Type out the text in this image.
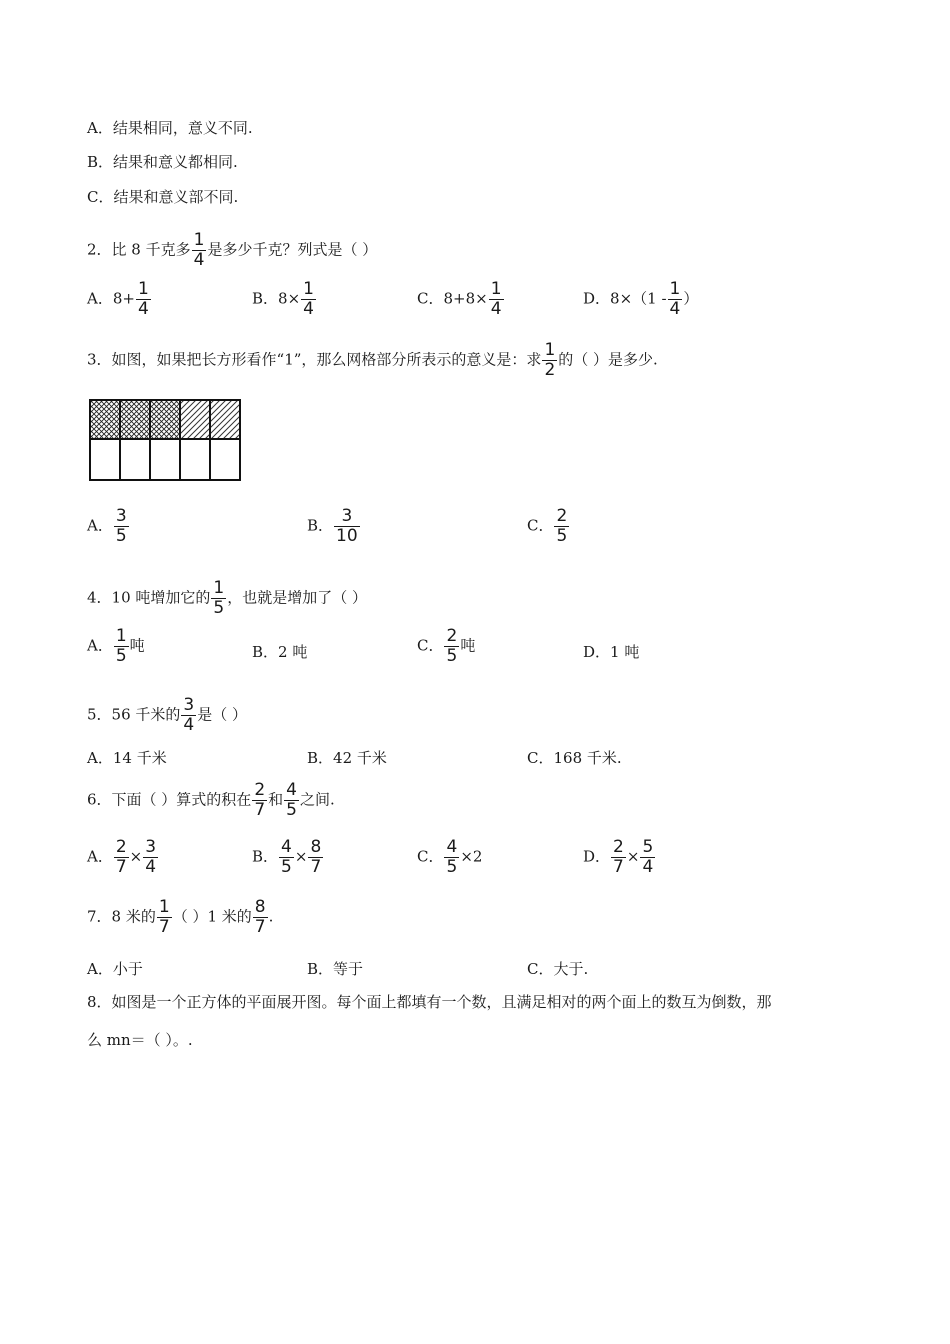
A．结果相同，意义不同.
B．结果和意义都相同.
C．结果和意义部不同.
2．比 8 千克多 $\frac{1}{4}$ 是多少千克？列式是（ ）
A．$8+ \frac{1}{4}$	B．$8\times \frac{1}{4}$	C．$8+8\times \frac{1}{4}$	D．$8\times(1 - \frac{1}{4}$ ）
3．如图，如果把长方形看作“1”，那么网格部分所表示的意义是：求 $\frac{1}{2}$ 的（ ）是多少.
A． $\frac{3}{5}$	B． $\frac{3}{10}$	C． $\frac{2}{5}$
4．10 吨增加它的 $\frac{1}{5}$ ，也就是增加了（ ）
A． $\frac{1}{5}$ 吨	B．2 吨	C． $\frac{2}{5}$ 吨	D．1 吨
5．56 千米的 $\frac{3}{4}$ 是（ ）
A．14 千米	B．42 千米	C．168 千米.
6．下面（ ）算式的积在 $\frac{2}{7}$ 和 $\frac{4}{5}$ 之间.
A． $\frac{2}{7} \times \frac{3}{4}$	B． $\frac{4}{5} \times \frac{8}{7}$	C． $\frac{4}{5} \times 2$	D． $\frac{2}{7} \times \frac{5}{4}$
7．8 米的 $\frac{1}{7}$ （ ）1 米的 $\frac{8}{7}$ .
A．小于	B．等于	C．大于.
8．如图是一个正方体的平面展开图。每个面上都填有一个数，且满足相对的两个面上的数互为倒数，那
么 mn＝（ ）。.
